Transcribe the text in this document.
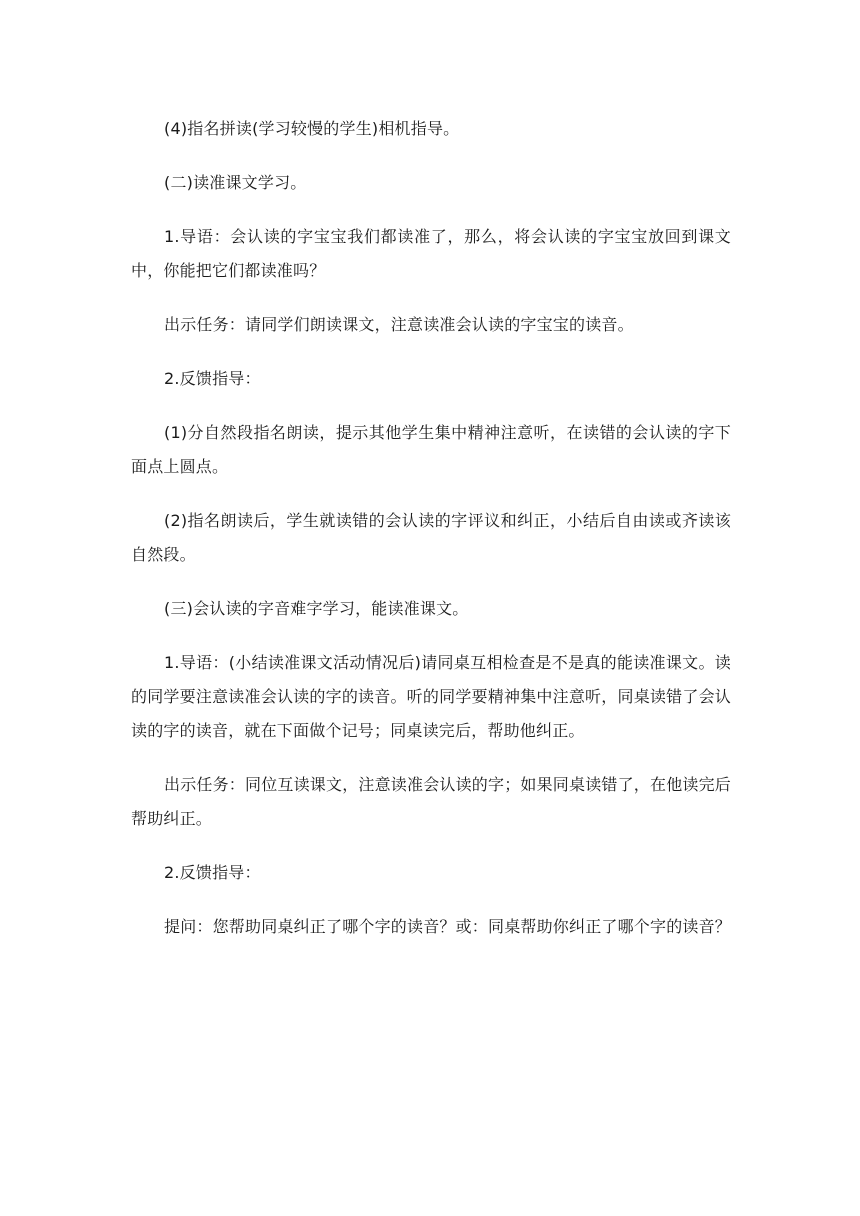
(4)指名拼读(学习较慢的学生)相机指导。

(二)读准课文学习。

1.导语：会认读的字宝宝我们都读准了，那么，将会认读的字宝宝放回到课文中，你能把它们都读准吗？

出示任务：请同学们朗读课文，注意读准会认读的字宝宝的读音。

2.反馈指导：

(1)分自然段指名朗读，提示其他学生集中精神注意听，在读错的会认读的字下面点上圆点。

(2)指名朗读后，学生就读错的会认读的字评议和纠正，小结后自由读或齐读该自然段。

(三)会认读的字音难字学习，能读准课文。

1.导语：(小结读准课文活动情况后)请同桌互相检查是不是真的能读准课文。读的同学要注意读准会认读的字的读音。听的同学要精神集中注意听，同桌读错了会认读的字的读音，就在下面做个记号；同桌读完后，帮助他纠正。

出示任务：同位互读课文，注意读准会认读的字；如果同桌读错了，在他读完后帮助纠正。

2.反馈指导：

提问：您帮助同桌纠正了哪个字的读音？或：同桌帮助你纠正了哪个字的读音？
